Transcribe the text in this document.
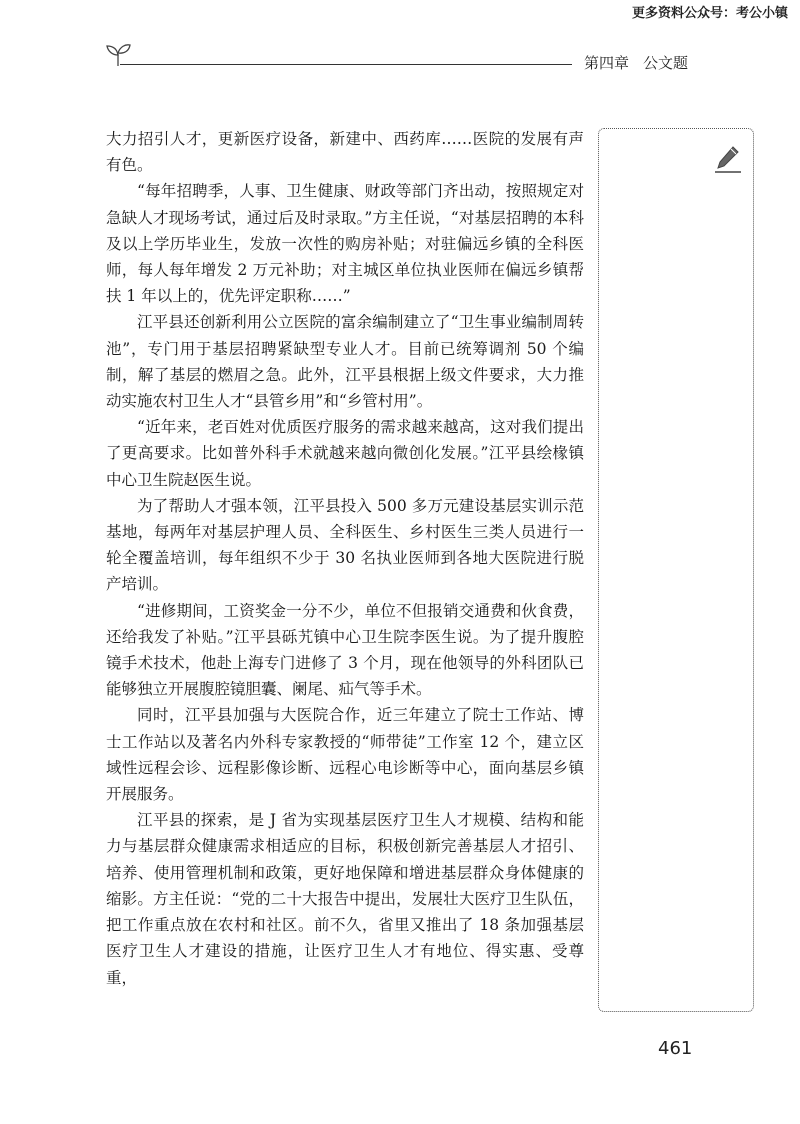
更多资料公众号：考公小镇
第四章 公文题

大力招引人才，更新医疗设备，新建中、西药库……医院的发展有声有色。

“每年招聘季，人事、卫生健康、财政等部门齐出动，按照规定对急缺人才现场考试，通过后及时录取。”方主任说，“对基层招聘的本科及以上学历毕业生，发放一次性的购房补贴；对驻偏远乡镇的全科医师，每人每年增发 2 万元补助；对主城区单位执业医师在偏远乡镇帮扶 1 年以上的，优先评定职称……”

江平县还创新利用公立医院的富余编制建立了“卫生事业编制周转池”，专门用于基层招聘紧缺型专业人才。目前已统筹调剂 50 个编制，解了基层的燃眉之急。此外，江平县根据上级文件要求，大力推动实施农村卫生人才“县管乡用”和“乡管村用”。

“近年来，老百姓对优质医疗服务的需求越来越高，这对我们提出了更高要求。比如普外科手术就越来越向微创化发展。”江平县绘椽镇中心卫生院赵医生说。

为了帮助人才强本领，江平县投入 500 多万元建设基层实训示范基地，每两年对基层护理人员、全科医生、乡村医生三类人员进行一轮全覆盖培训，每年组织不少于 30 名执业医师到各地大医院进行脱产培训。

“进修期间，工资奖金一分不少，单位不但报销交通费和伙食费，还给我发了补贴。”江平县砾艽镇中心卫生院李医生说。为了提升腹腔镜手术技术，他赴上海专门进修了 3 个月，现在他领导的外科团队已能够独立开展腹腔镜胆囊、阑尾、疝气等手术。

同时，江平县加强与大医院合作，近三年建立了院士工作站、博士工作站以及著名内外科专家教授的“师带徒”工作室 12 个，建立区域性远程会诊、远程影像诊断、远程心电诊断等中心，面向基层乡镇开展服务。

江平县的探索，是 J 省为实现基层医疗卫生人才规模、结构和能力与基层群众健康需求相适应的目标，积极创新完善基层人才招引、培养、使用管理机制和政策，更好地保障和增进基层群众身体健康的缩影。方主任说：“党的二十大报告中提出，发展壮大医疗卫生队伍，把工作重点放在农村和社区。前不久，省里又推出了 18 条加强基层医疗卫生人才建设的措施，让医疗卫生人才有地位、得实惠、受尊重，

461
